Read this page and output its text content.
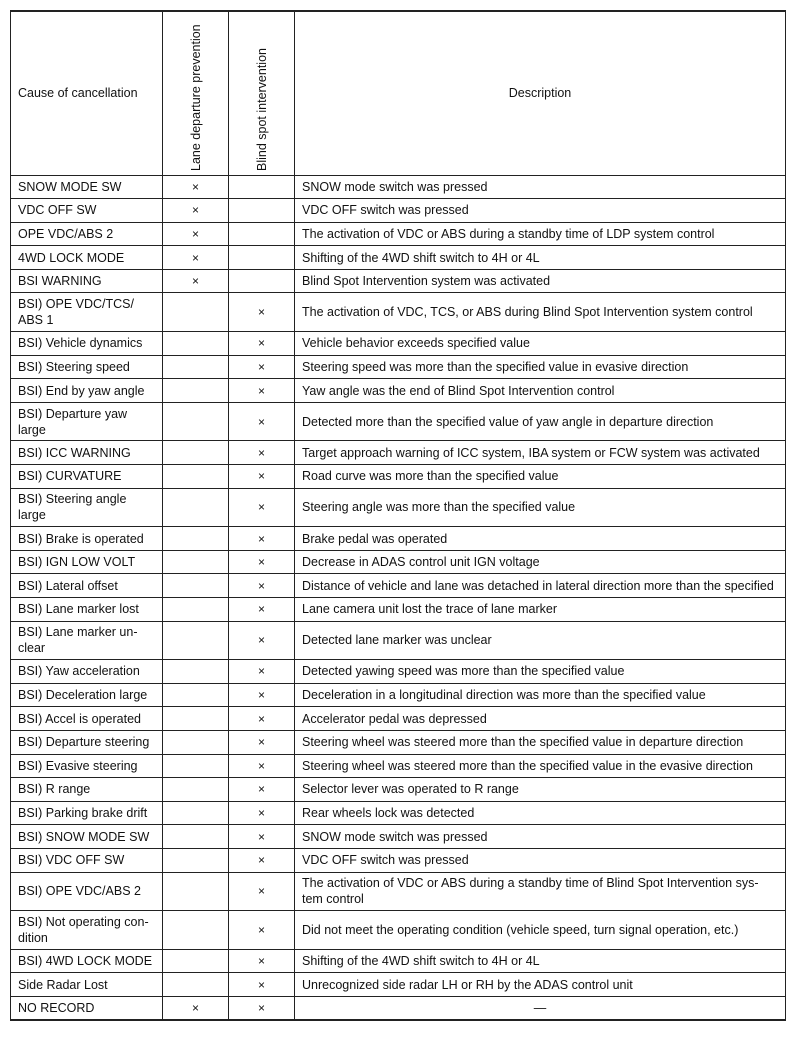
Cause of cancellation	Lane departure prevention	Blind spot intervention	Description
SNOW MODE SW	×		SNOW mode switch was pressed
VDC OFF SW	×		VDC OFF switch was pressed
OPE VDC/ABS 2	×		The activation of VDC or ABS during a standby time of LDP system control
4WD LOCK MODE	×		Shifting of the 4WD shift switch to 4H or 4L
BSI WARNING	×		Blind Spot Intervention system was activated
BSI) OPE VDC/TCS/
ABS 1		×	The activation of VDC, TCS, or ABS during Blind Spot Intervention system control
BSI) Vehicle dynamics		×	Vehicle behavior exceeds specified value
BSI) Steering speed		×	Steering speed was more than the specified value in evasive direction
BSI) End by yaw angle		×	Yaw angle was the end of Blind Spot Intervention control
BSI) Departure yaw
large		×	Detected more than the specified value of yaw angle in departure direction
BSI) ICC WARNING		×	Target approach warning of ICC system, IBA system or FCW system was activated
BSI) CURVATURE		×	Road curve was more than the specified value
BSI) Steering angle
large		×	Steering angle was more than the specified value
BSI) Brake is operated		×	Brake pedal was operated
BSI) IGN LOW VOLT		×	Decrease in ADAS control unit IGN voltage
BSI) Lateral offset		×	Distance of vehicle and lane was detached in lateral direction more than the specified
BSI) Lane marker lost		×	Lane camera unit lost the trace of lane marker
BSI) Lane marker un-
clear		×	Detected lane marker was unclear
BSI) Yaw acceleration		×	Detected yawing speed was more than the specified value
BSI) Deceleration large		×	Deceleration in a longitudinal direction was more than the specified value
BSI) Accel is operated		×	Accelerator pedal was depressed
BSI) Departure steering		×	Steering wheel was steered more than the specified value in departure direction
BSI) Evasive steering		×	Steering wheel was steered more than the specified value in the evasive direction
BSI) R range		×	Selector lever was operated to R range
BSI) Parking brake drift		×	Rear wheels lock was detected
BSI) SNOW MODE SW		×	SNOW mode switch was pressed
BSI) VDC OFF SW		×	VDC OFF switch was pressed
BSI) OPE VDC/ABS 2		×	The activation of VDC or ABS during a standby time of Blind Spot Intervention sys-
tem control
BSI) Not operating con-
dition		×	Did not meet the operating condition (vehicle speed, turn signal operation, etc.)
BSI) 4WD LOCK MODE		×	Shifting of the 4WD shift switch to 4H or 4L
Side Radar Lost		×	Unrecognized side radar LH or RH by the ADAS control unit
NO RECORD	×	×	—
